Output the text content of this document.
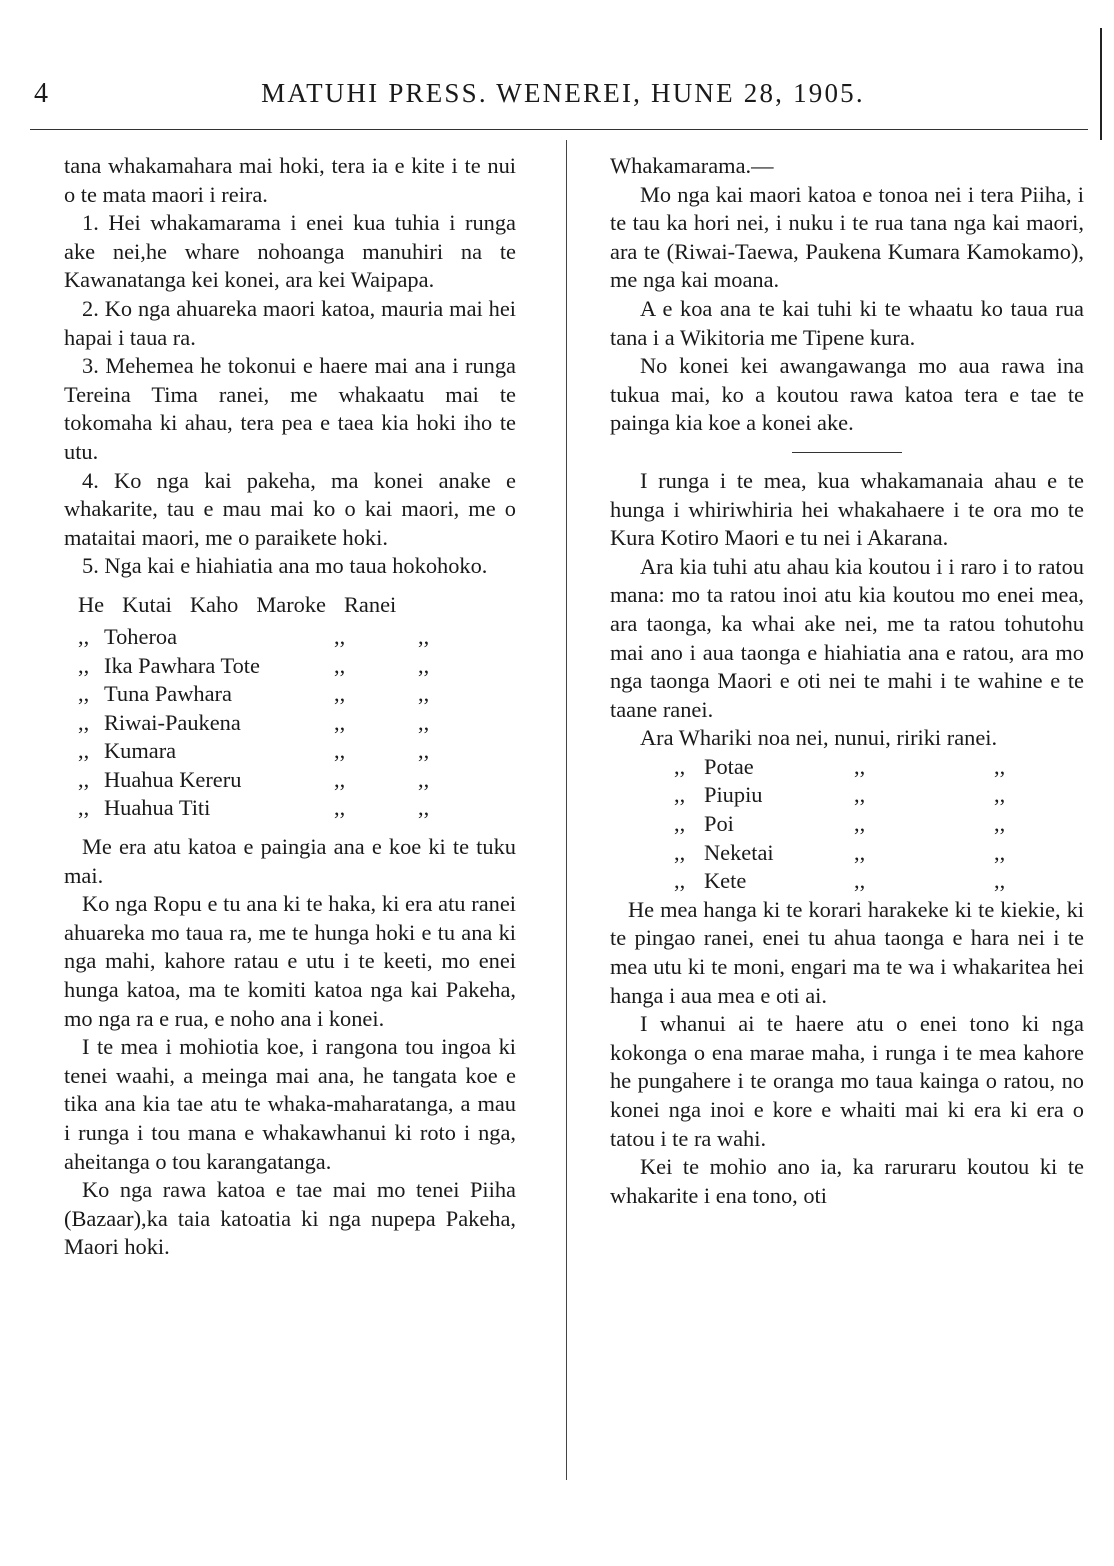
4	MATUHI PRESS. WENEREI, HUNE 28, 1905.

tana whakamahara mai hoki, tera ia e kite i te nui o te mata maori i reira.

1. Hei whakamarama i enei kua tuhia i runga ake nei,he whare nohoanga manuhiri na te Kawanatanga kei konei, ara kei Waipapa.

2. Ko nga ahuareka maori katoa, mauria mai hei hapai i taua ra.

3. Mehemea he tokonui e haere mai ana i runga Tereina Tima ranei, me whakaatu mai te tokomaha ki ahau, tera pea e taea kia hoki iho te utu.

4. Ko nga kai pakeha, ma konei anake e whakarite, tau e mau mai ko o kai maori, me o mataitai maori, me o paraikete hoki.

5. Nga kai e hiahiatia ana mo taua hokohoko.

He Kutai Kaho Maroke Ranei
,, Toheroa	,,	,,
,, Ika Pawhara Tote	,,	,,
,, Tuna Pawhara	,,	,,
,, Riwai-Paukena	,,	,,
,, Kumara	,,	,,
,, Huahua Kereru	,,	,,
,, Huahua Titi	,,	,,

Me era atu katoa e paingia ana e koe ki te tuku mai.

Ko nga Ropu e tu ana ki te haka, ki era atu ranei ahuareka mo taua ra, me te hunga hoki e tu ana ki nga mahi, kahore ratau e utu i te keeti, mo enei hunga katoa, ma te komiti katoa nga kai Pakeha, mo nga ra e rua, e noho ana i konei.

I te mea i mohiotia koe, i rangona tou ingoa ki tenei waahi, a meinga mai ana, he tangata koe e tika ana kia tae atu te whaka-maharatanga, a mau i runga i tou mana e whakawhanui ki roto i nga, aheitanga o tou karangatanga.

Ko nga rawa katoa e tae mai mo tenei Piiha (Bazaar),ka taia katoatia ki nga nupepa Pakeha, Maori hoki.

Whakamarama.—

Mo nga kai maori katoa e tonoa nei i tera Piiha, i te tau ka hori nei, i nuku i te rua tana nga kai maori, ara te (Riwai-Taewa, Paukena Kumara Kamokamo), me nga kai moana.

A e koa ana te kai tuhi ki te whaatu ko taua rua tana i a Wikitoria me Tipene kura.

No konei kei awangawanga mo aua rawa ina tukua mai, ko a koutou rawa katoa tera e tae te painga kia koe a konei ake.

I runga i te mea, kua whakamanaia ahau e te hunga i whiriwhiria hei whakahaere i te ora mo te Kura Kotiro Maori e tu nei i Akarana.

Ara kia tuhi atu ahau kia koutou i i raro i to ratou mana: mo ta ratou inoi atu kia koutou mo enei mea, ara taonga, ka whai ake nei, me ta ratou tohutohu mai ano i aua taonga e hiahiatia ana e ratou, ara mo nga taonga Maori e oti nei te mahi i te wahine e te taane ranei.

Ara Whariki noa nei, nunui, ririki ranei.

,, Potae	,,	,,
,, Piupiu	,,	,,
,, Poi	,,	,,
,, Neketai	,,	,,
,, Kete	,,	,,

He mea hanga ki te korari harakeke ki te kiekie, ki te pingao ranei, enei tu ahua taonga e hara nei i te mea utu ki te moni, engari ma te wa i whakaritea hei hanga i aua mea e oti ai.

I whanui ai te haere atu o enei tono ki nga kokonga o ena marae maha, i runga i te mea kahore he pungahere i te oranga mo taua kainga o ratou, no konei nga inoi e kore e whaiti mai ki era ki era o tatou i te ra wahi.

Kei te mohio ano ia, ka raruraru koutou ki te whakarite i ena tono, oti
